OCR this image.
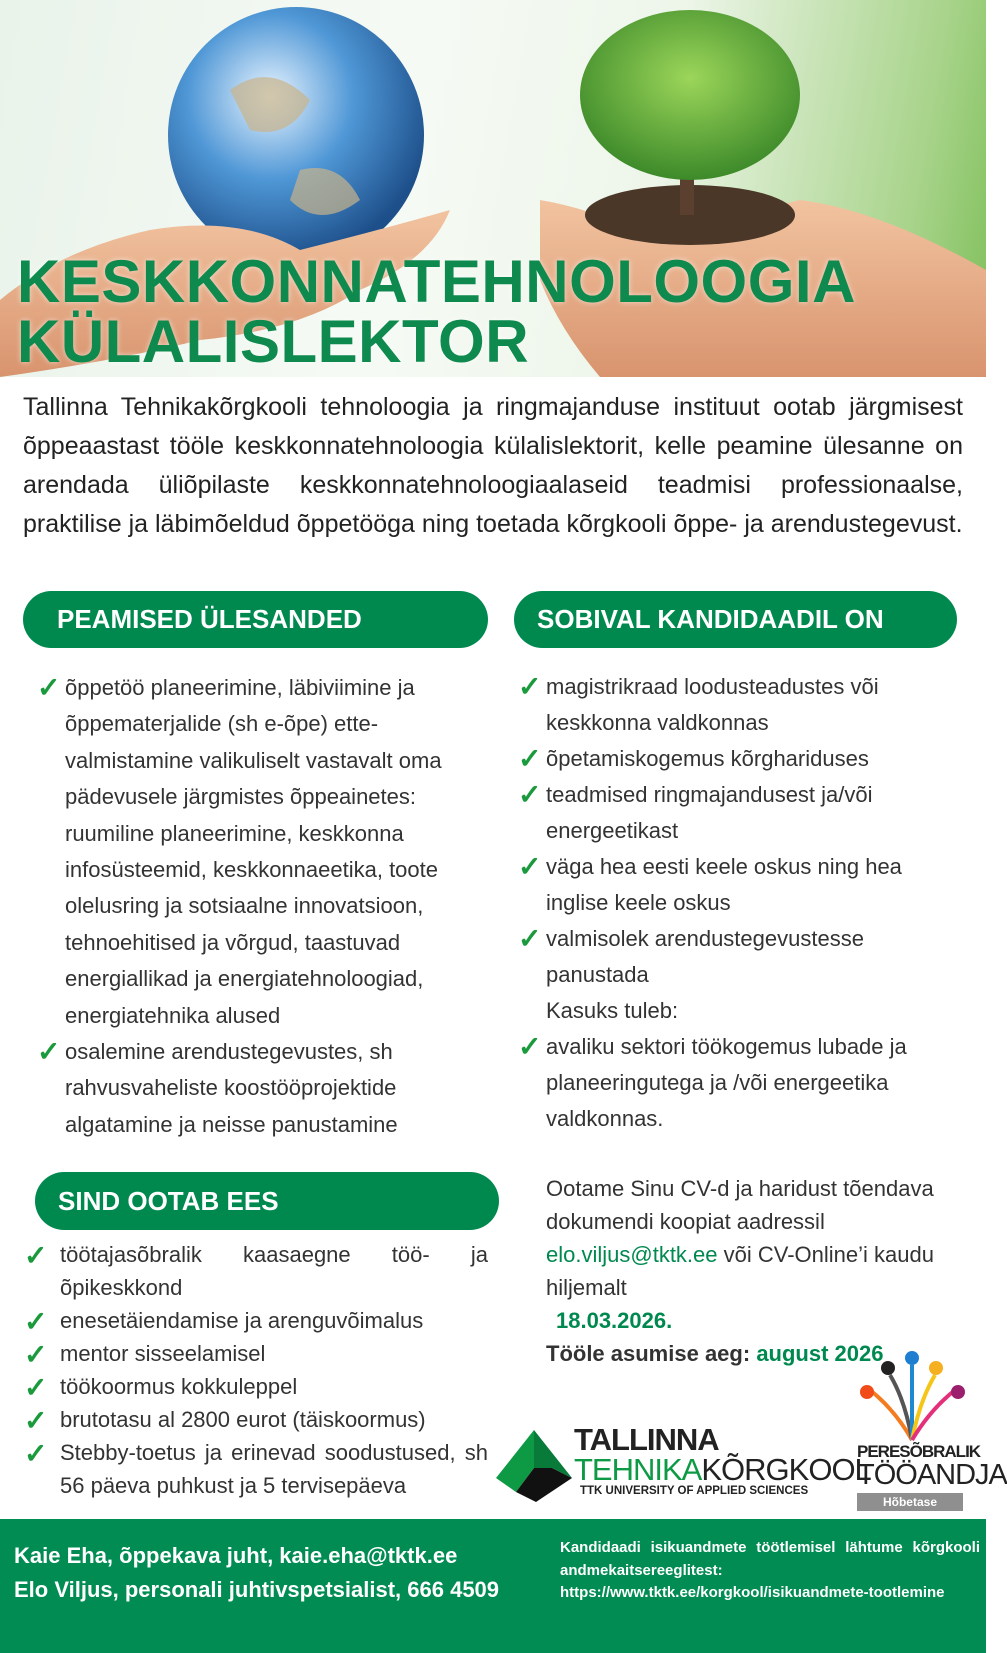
KESKKONNATEHNOLOOGIA
KÜLALISLEKTOR

Tallinna Tehnikakõrgkooli tehnoloogia ja ringmajanduse instituut ootab järgmisest õppeaastast tööle keskkonnatehnoloogia külalislektorit, kelle peamine ülesanne on arendada üliõpilaste keskkonnatehnoloogiaalaseid teadmisi professionaalse, praktilise ja läbimõeldud õppetööga ning toetada kõrgkooli õppe- ja arendustegevust.

PEAMISED ÜLESANDED	SOBIVAL KANDIDAADIL ON
✓ õppetöö planeerimine, läbiviimine ja õppematerjalide (sh e-õpe) ette-valmistamine valikuliselt vastavalt oma pädevusele järgmistes õppeainetes: ruumiline planeerimine, keskkonna infosüsteemid, keskkonnaeetika, toote olelusring ja sotsiaalne innovatsioon, tehnoehitised ja võrgud, taastuvad energiallikad ja energiatehnoloogiad, energiatehnika alused
✓ osalemine arendustegevustes, sh rahvusvaheliste koostööprojektide algatamine ja neisse panustamine
✓ magistrikraad loodusteadustes või keskkonna valdkonnas
✓ õpetamiskogemus kõrghariduses
✓ teadmised ringmajandusest ja/või energeetikast
✓ väga hea eesti keele oskus ning hea inglise keele oskus
✓ valmisolek arendustegevustesse panustada
Kasuks tuleb:
✓ avaliku sektori töökogemus lubade ja planeeringutega ja /või energeetika valdkonnas.
SIND OOTAB EES
✓ töötajasõbralik kaasaegne töö- ja õpikeskkond
✓ enesetäiendamise ja arenguvõimalus
✓ mentor sisseelamisel
✓ töökoormus kokkuleppel
✓ brutotasu al 2800 eurot (täiskoormus)
✓ Stebby-toetus ja erinevad soodustused, sh 56 päeva puhkust ja 5 tervisepäeva
Ootame Sinu CV-d ja haridust tõendava dokumendi koopiat aadressil elo.viljus@tktk.ee või CV-Online’i kaudu hiljemalt
18.03.2026.
Tööle asumise aeg: august 2026
TALLINNA
TEHNIKAKÕRGKOOL
TTK UNIVERSITY OF APPLIED SCIENCES
PERESÕBRALIK
TÖÖANDJA
Hõbetase
Kaie Eha, õppekava juht, kaie.eha@tktk.ee
Elo Viljus, personali juhtivspetsialist, 666 4509
Kandidaadi isikuandmete töötlemisel lähtume kõrgkooli andmekaitsereeglitest: https://www.tktk.ee/korgkool/isikuandmete-tootlemine
